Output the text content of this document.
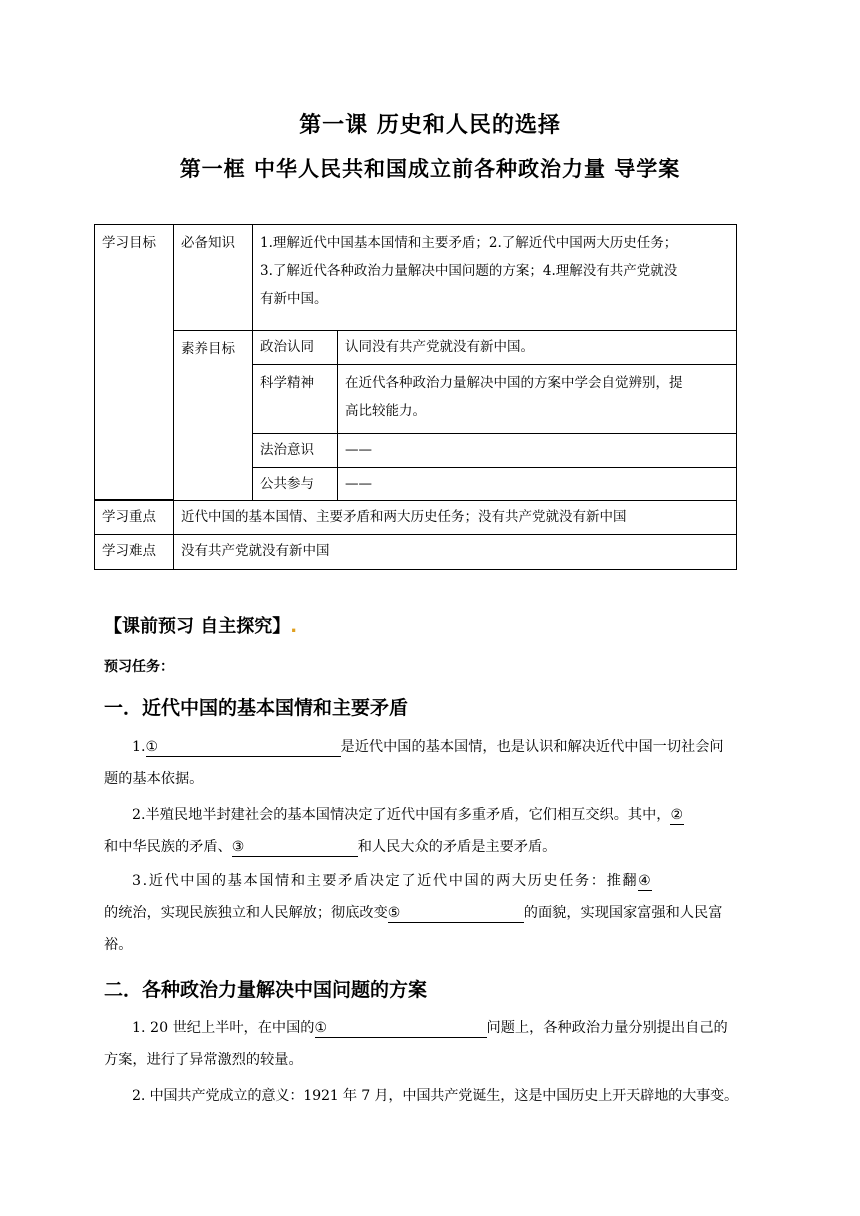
第一课 历史和人民的选择
第一框 中华人民共和国成立前各种政治力量 导学案
学习目标	必备知识	1.理解近代中国基本国情和主要矛盾；2.了解近代中国两大历史任务；
3.了解近代各种政治力量解决中国问题的方案；4.理解没有共产党就没
有新中国。
素养目标	政治认同	认同没有共产党就没有新中国。
科学精神	在近代各种政治力量解决中国的方案中学会自觉辨别，提
高比较能力。
法治意识	——
公共参与	——
学习重点	近代中国的基本国情、主要矛盾和两大历史任务；没有共产党就没有新中国
学习难点	没有共产党就没有新中国
【课前预习 自主探究】.
预习任务：
一．近代中国的基本国情和主要矛盾
1.①	是近代中国的基本国情，也是认识和解决近代中国一切社会问
题的基本依据。
2.半殖民地半封建社会的基本国情决定了近代中国有多重矛盾，它们相互交织。其中，②
和中华民族的矛盾、③	和人民大众的矛盾是主要矛盾。
3.近代中国的基本国情和主要矛盾决定了近代中国的两大历史任务：推翻④
的统治，实现民族独立和人民解放；彻底改变⑤	的面貌，实现国家富强和人民富
裕。
二．各种政治力量解决中国问题的方案
1. 20 世纪上半叶，在中国的①	问题上，各种政治力量分别提出自己的
方案，进行了异常激烈的较量。
2. 中国共产党成立的意义：1921 年 7 月，中国共产党诞生，这是中国历史上开天辟地的大事变。
